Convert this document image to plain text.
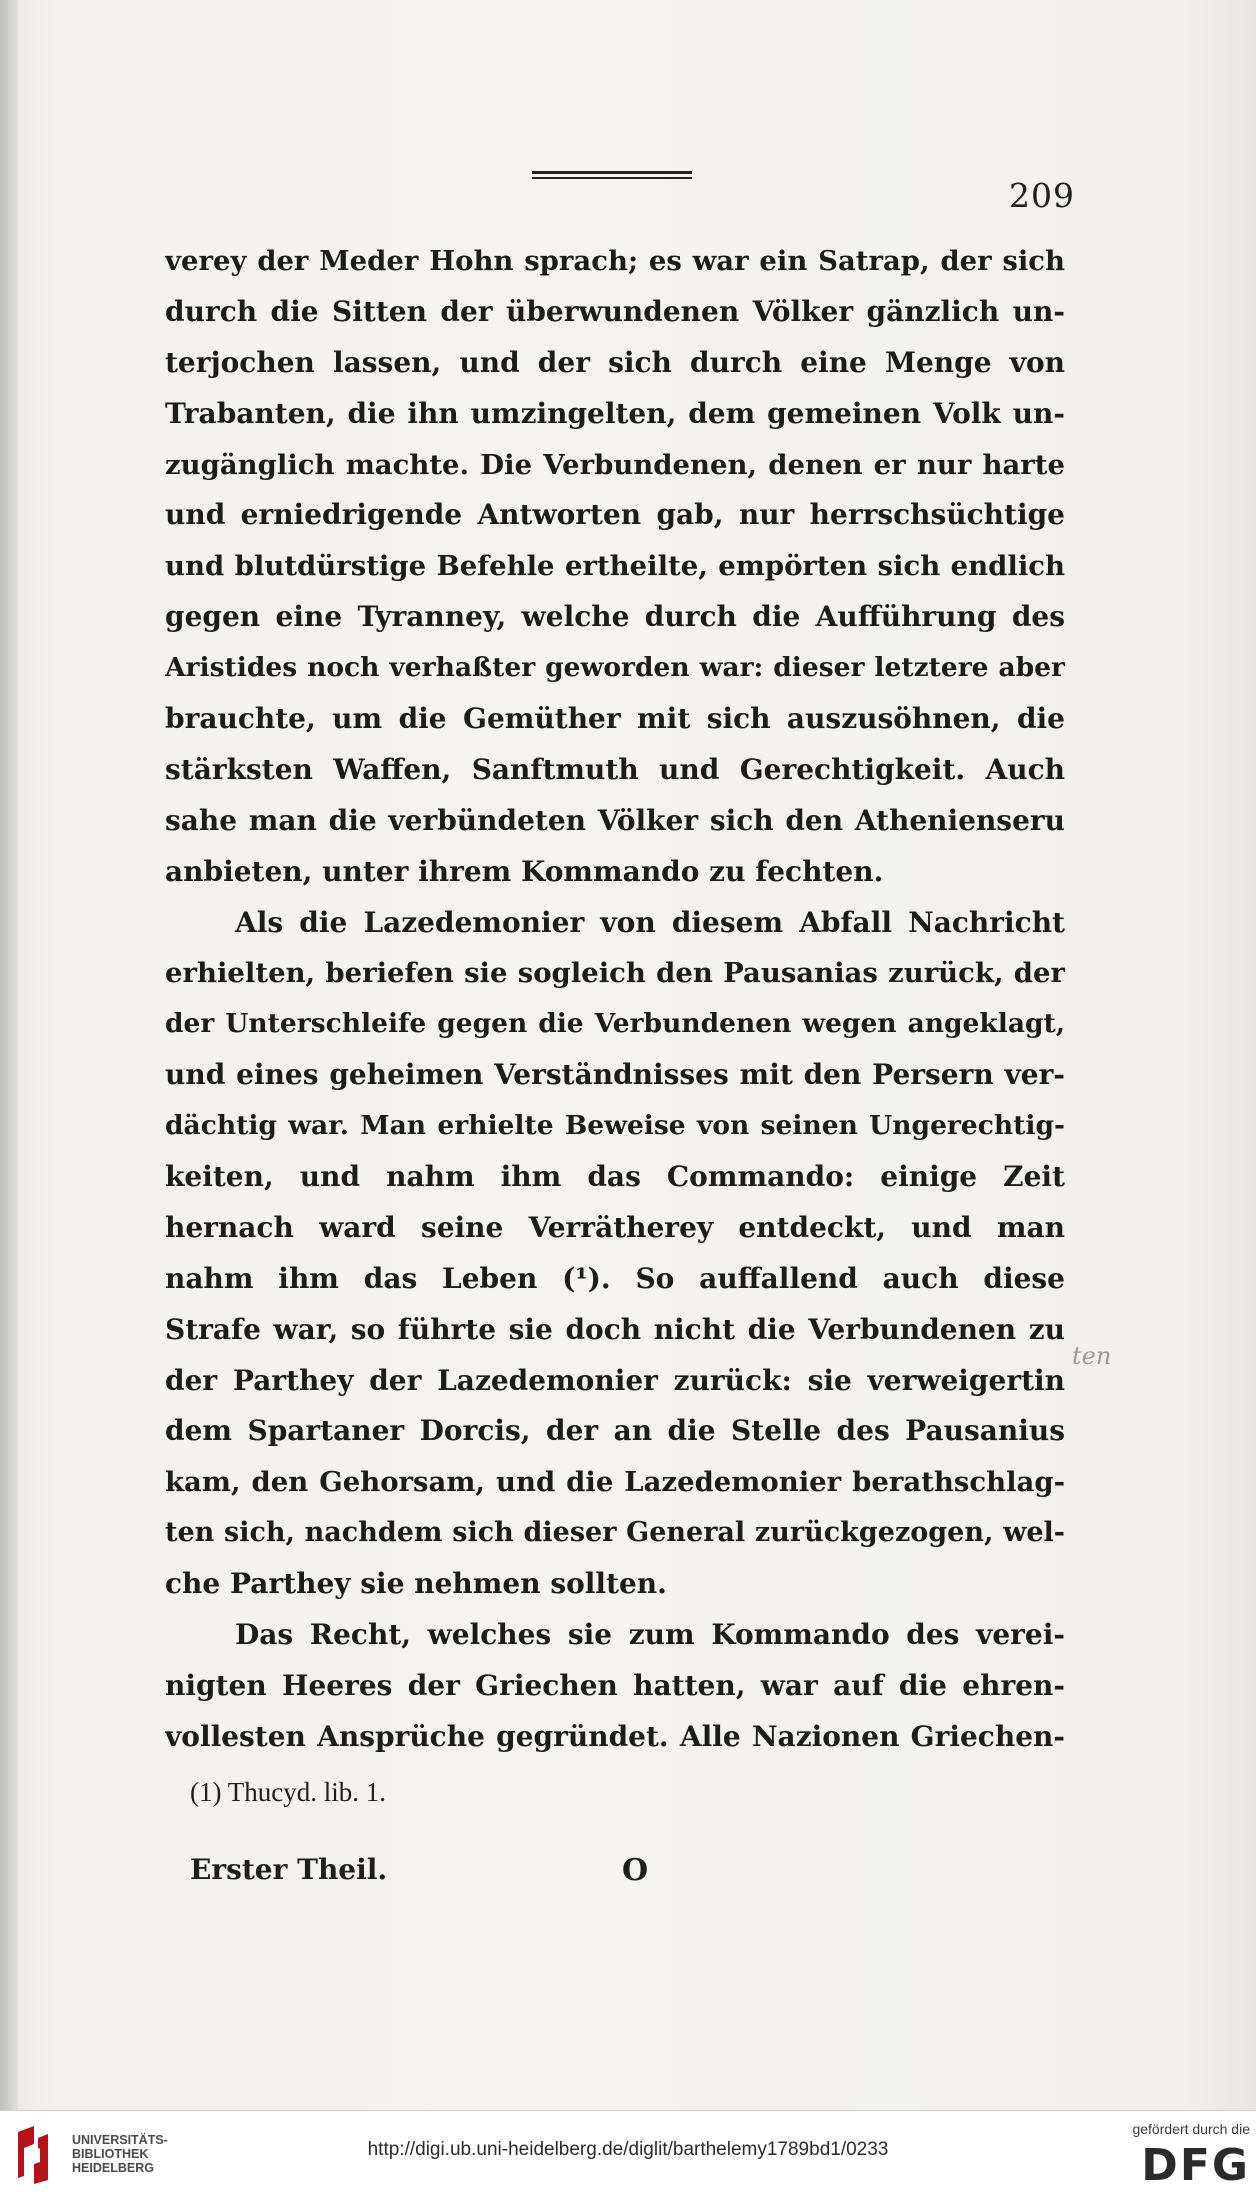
209
verey der Meder Hohn sprach; es war ein Satrap, der sich
durch die Sitten der überwundenen Völker gänzlich un-
terjochen lassen, und der sich durch eine Menge von
Trabanten, die ihn umzingelten, dem gemeinen Volk un-
zugänglich machte. Die Verbundenen, denen er nur harte
und erniedrigende Antworten gab, nur herrschsüchtige
und blutdürstige Befehle ertheilte, empörten sich endlich
gegen eine Tyranney, welche durch die Aufführung des
Aristides noch verhaßter geworden war: dieser letztere aber
brauchte, um die Gemüther mit sich auszusöhnen, die
stärksten Waffen, Sanftmuth und Gerechtigkeit. Auch
sahe man die verbündeten Völker sich den Athenienseru
anbieten, unter ihrem Kommando zu fechten.
Als die Lazedemonier von diesem Abfall Nachricht
erhielten, beriefen sie sogleich den Pausanias zurück, der
der Unterschleife gegen die Verbundenen wegen angeklagt,
und eines geheimen Verständnisses mit den Persern ver-
dächtig war. Man erhielte Beweise von seinen Ungerechtig-
keiten, und nahm ihm das Commando: einige Zeit
hernach ward seine Verrätherey entdeckt, und man
nahm ihm das Leben (¹). So auffallend auch diese
Strafe war, so führte sie doch nicht die Verbundenen zu
der Parthey der Lazedemonier zurück: sie verweigertin
dem Spartaner Dorcis, der an die Stelle des Pausanius
kam, den Gehorsam, und die Lazedemonier berathschlag-
ten sich, nachdem sich dieser General zurückgezogen, wel-
che Parthey sie nehmen sollten.
Das Recht, welches sie zum Kommando des verei-
nigten Heeres der Griechen hatten, war auf die ehren-
vollesten Ansprüche gegründet. Alle Nazionen Griechen-
ten
(1) Thucyd. lib. 1.
Erster Theil.	O
UNIVERSITÄTS-
BIBLIOTHEK
HEIDELBERG
http://digi.ub.uni-heidelberg.de/diglit/barthelemy1789bd1/0233
gefördert durch die
DFG
